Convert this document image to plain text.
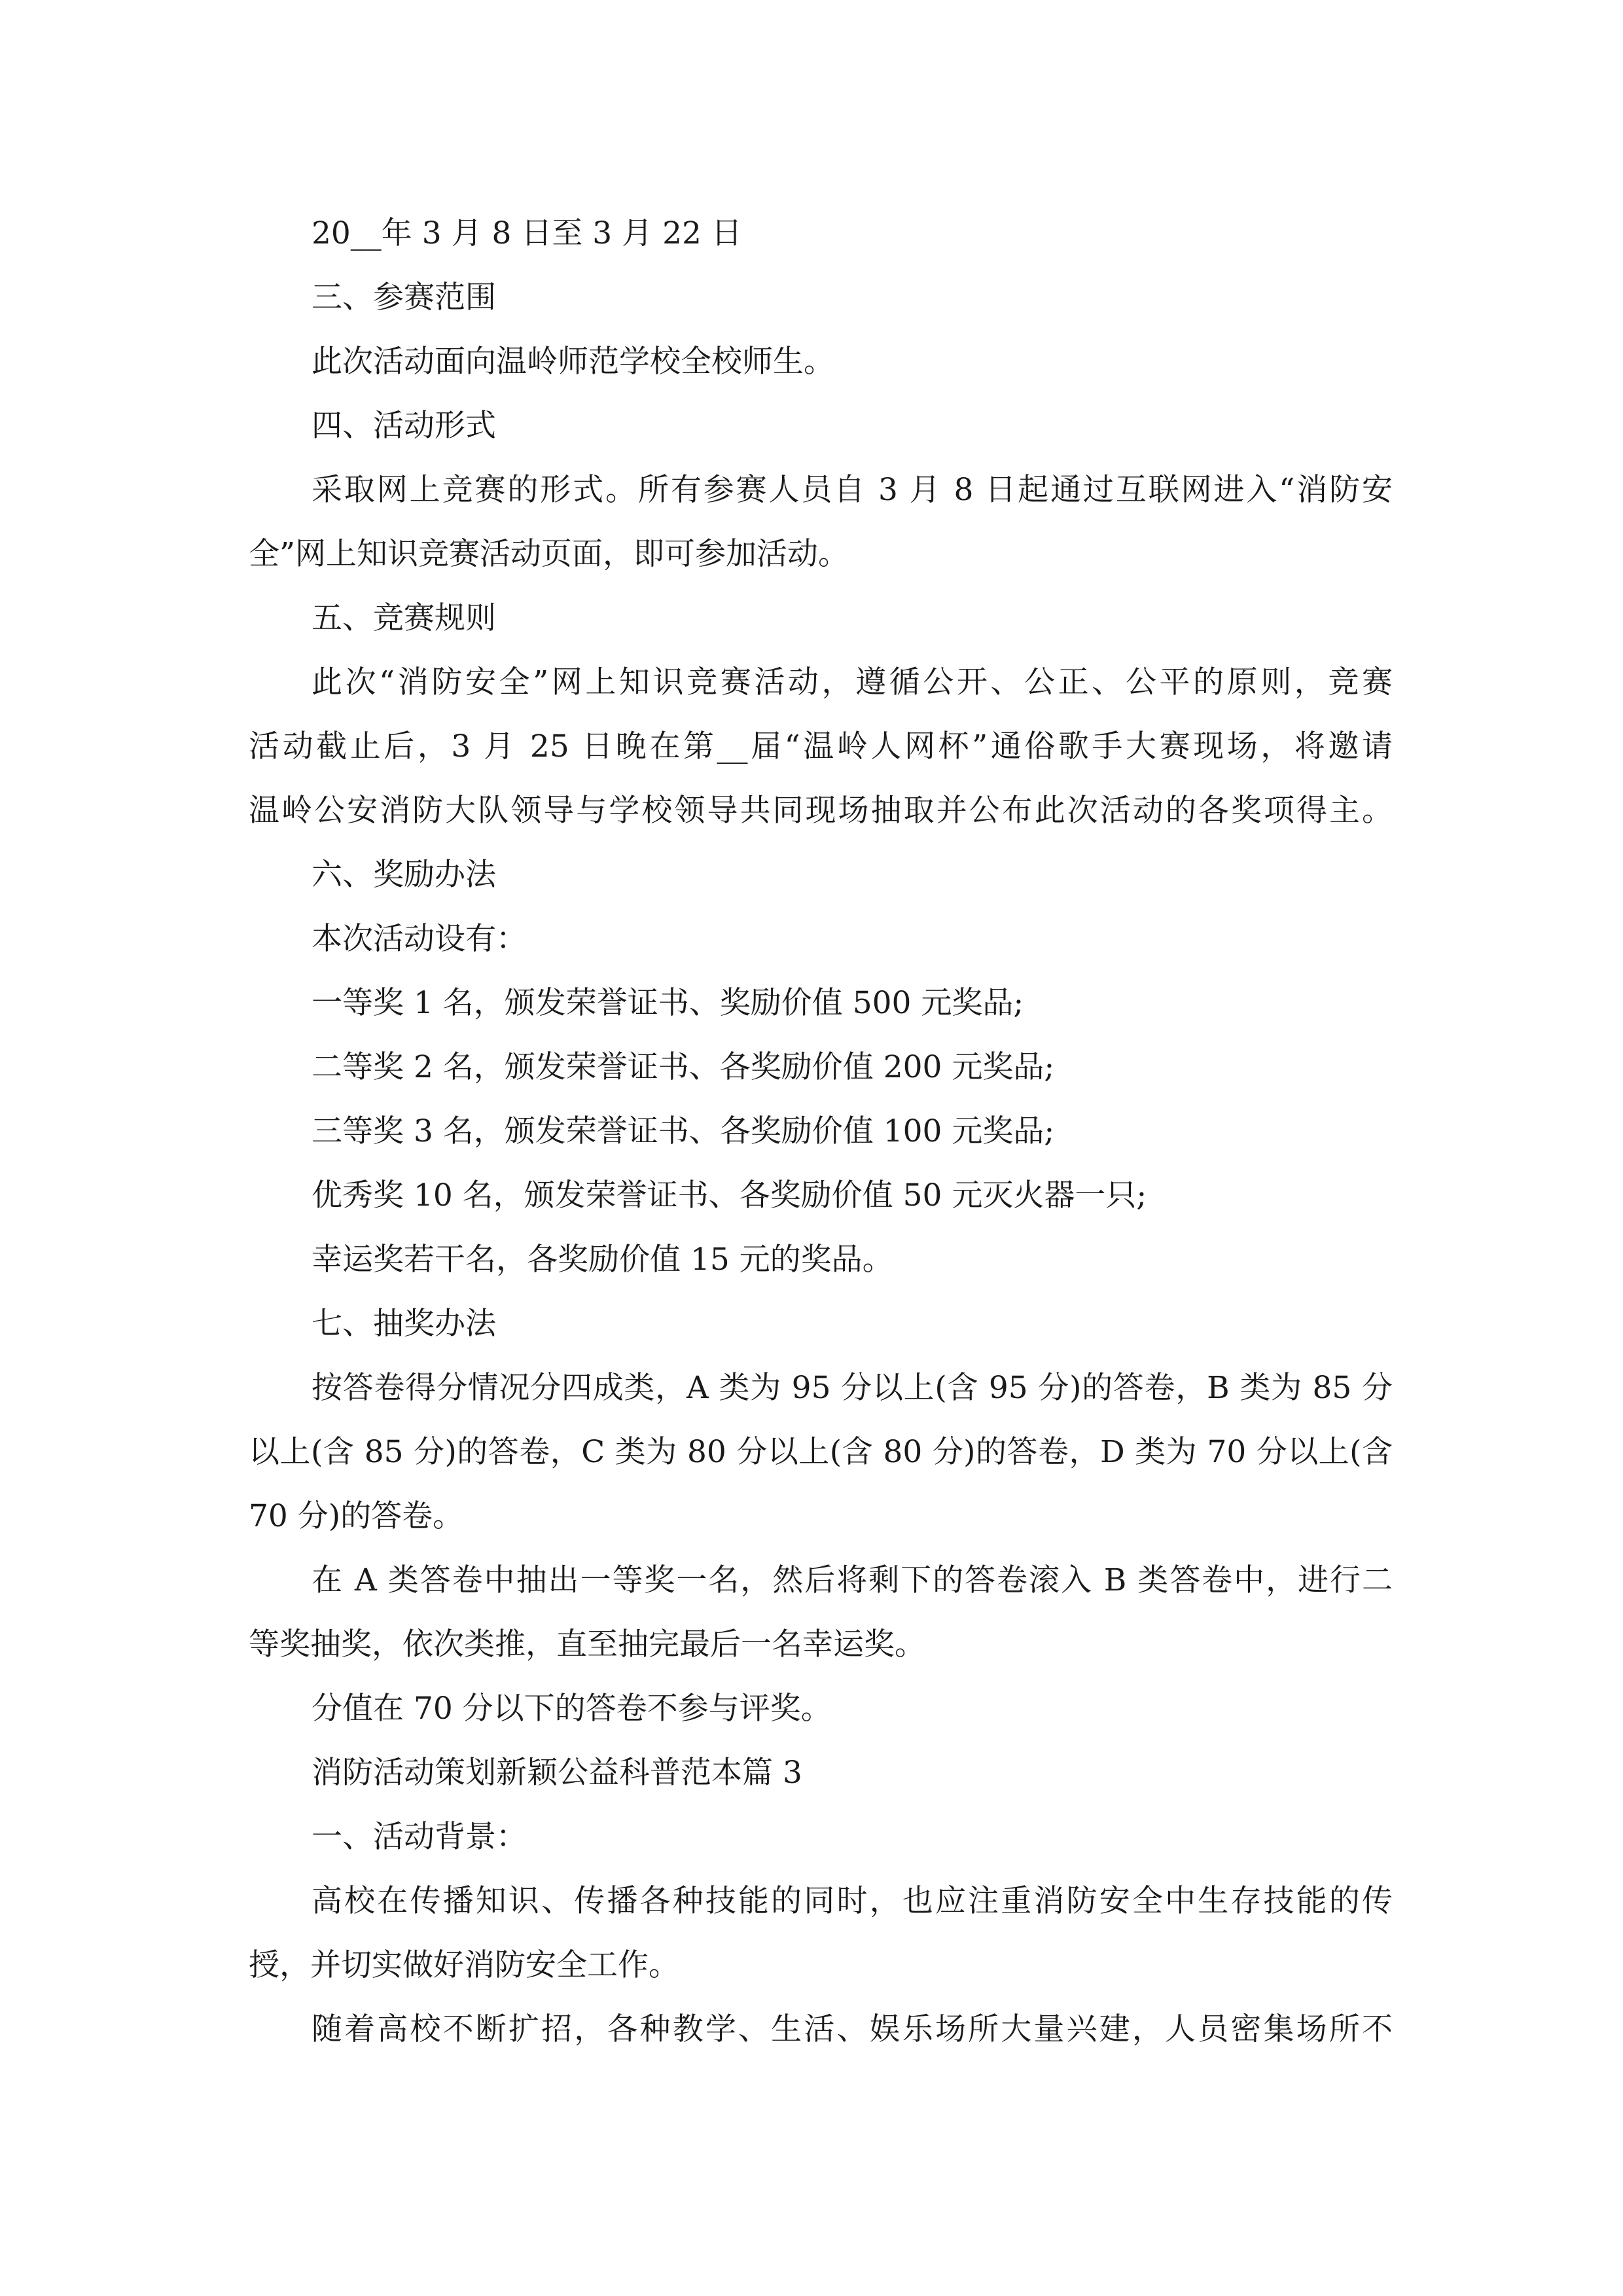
20__年 3 月 8 日至 3 月 22 日

三、参赛范围

此次活动面向温岭师范学校全校师生。

四、活动形式

采取网上竞赛的形式。所有参赛人员自 3 月 8 日起通过互联网进入“消防安

全”网上知识竞赛活动页面，即可参加活动。

五、竞赛规则

此次“消防安全”网上知识竞赛活动，遵循公开、公正、公平的原则，竞赛

活动截止后，3 月 25 日晚在第__届“温岭人网杯”通俗歌手大赛现场，将邀请

温岭公安消防大队领导与学校领导共同现场抽取并公布此次活动的各奖项得主。

六、奖励办法

本次活动设有：

一等奖 1 名，颁发荣誉证书、奖励价值 500 元奖品;

二等奖 2 名，颁发荣誉证书、各奖励价值 200 元奖品;

三等奖 3 名，颁发荣誉证书、各奖励价值 100 元奖品;

优秀奖 10 名，颁发荣誉证书、各奖励价值 50 元灭火器一只;

幸运奖若干名，各奖励价值 15 元的奖品。

七、抽奖办法

按答卷得分情况分四成类，A 类为 95 分以上(含 95 分)的答卷，B 类为 85 分

以上(含 85 分)的答卷，C 类为 80 分以上(含 80 分)的答卷，D 类为 70 分以上(含

70 分)的答卷。

在 A 类答卷中抽出一等奖一名，然后将剩下的答卷滚入 B 类答卷中，进行二

等奖抽奖，依次类推，直至抽完最后一名幸运奖。

分值在 70 分以下的答卷不参与评奖。

消防活动策划新颖公益科普范本篇 3

一、活动背景：

高校在传播知识、传播各种技能的同时，也应注重消防安全中生存技能的传

授，并切实做好消防安全工作。

随着高校不断扩招，各种教学、生活、娱乐场所大量兴建，人员密集场所不
